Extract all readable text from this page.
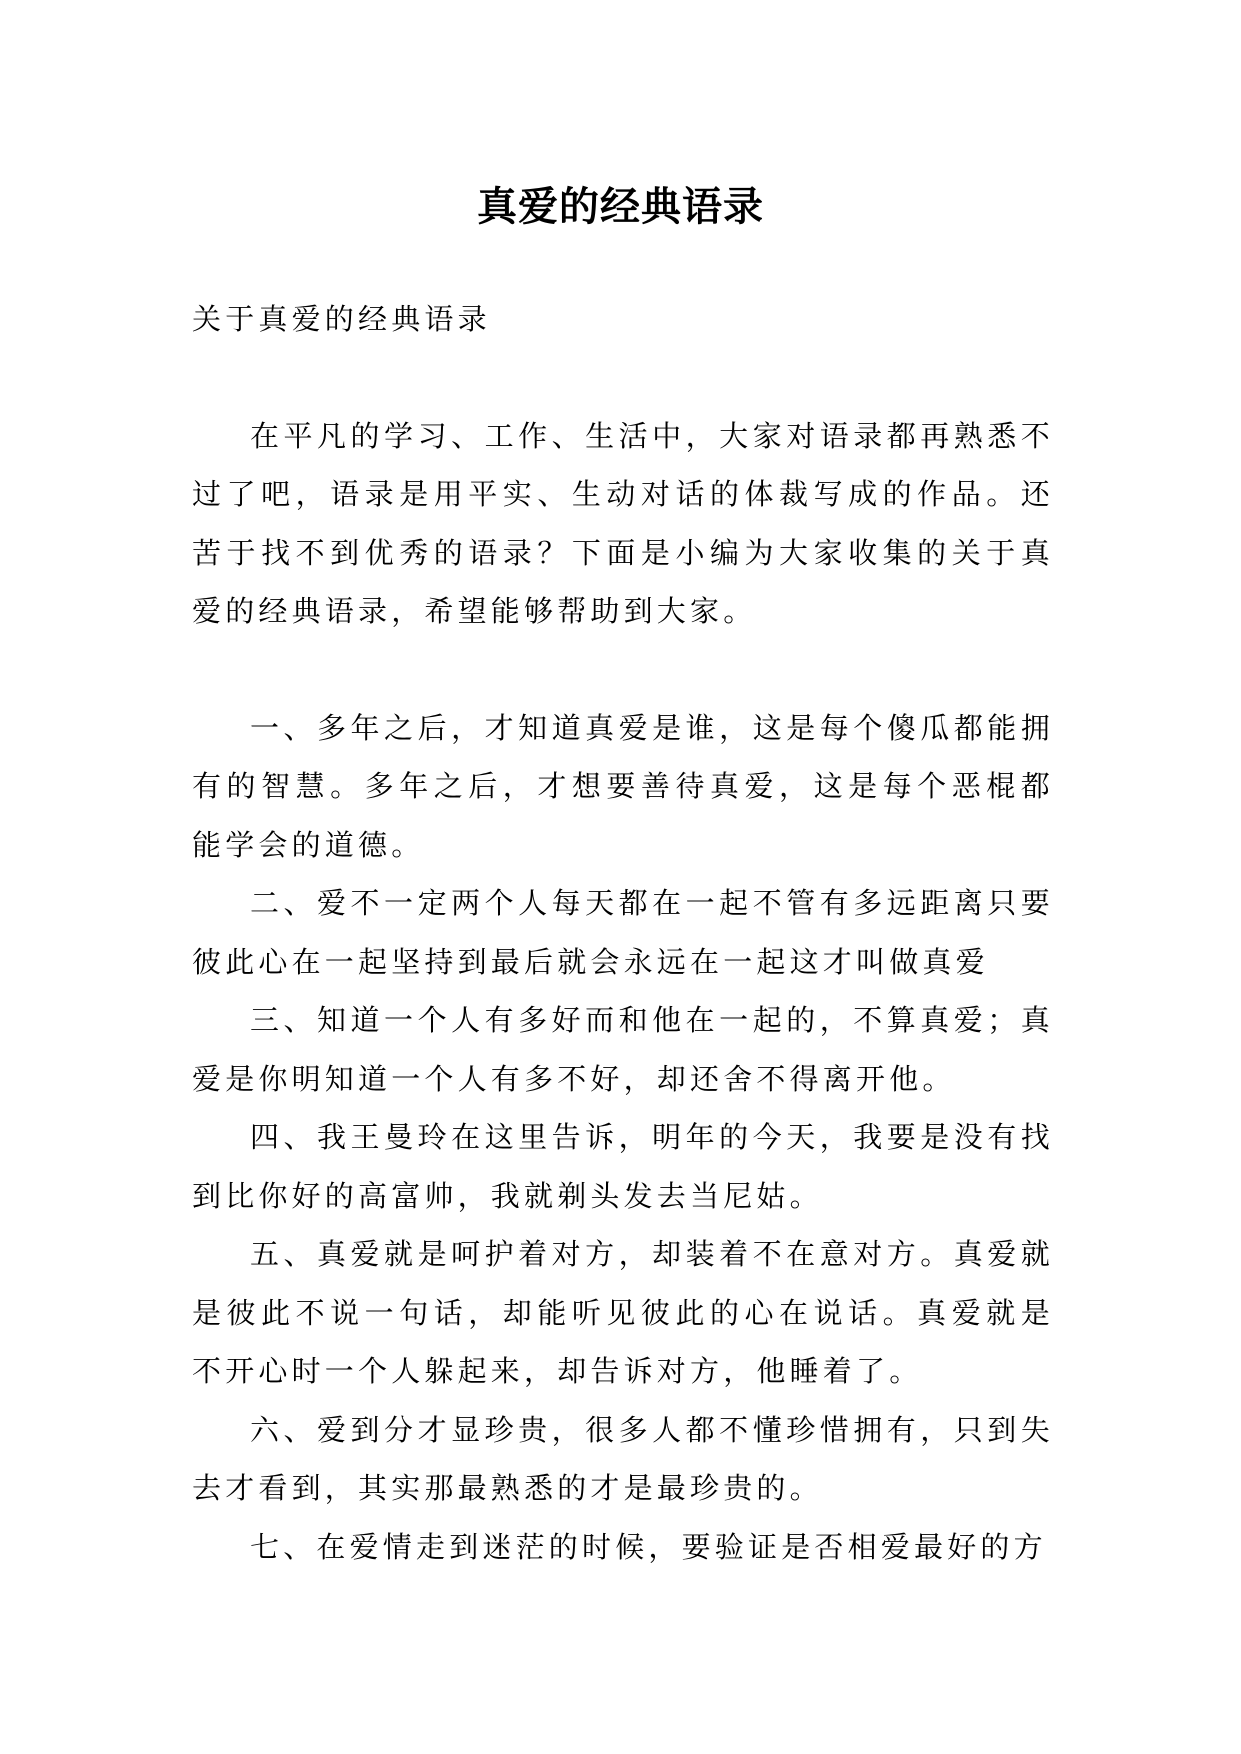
真爱的经典语录

关于真爱的经典语录

在平凡的学习、工作、生活中，大家对语录都再熟悉不过了吧，语录是用平实、生动对话的体裁写成的作品。还苦于找不到优秀的语录？下面是小编为大家收集的关于真爱的经典语录，希望能够帮助到大家。

一、多年之后，才知道真爱是谁，这是每个傻瓜都能拥有的智慧。多年之后，才想要善待真爱，这是每个恶棍都能学会的道德。

二、爱不一定两个人每天都在一起不管有多远距离只要彼此心在一起坚持到最后就会永远在一起这才叫做真爱

三、知道一个人有多好而和他在一起的，不算真爱；真爱是你明知道一个人有多不好，却还舍不得离开他。

四、我王曼玲在这里告诉，明年的今天，我要是没有找到比你好的高富帅，我就剃头发去当尼姑。

五、真爱就是呵护着对方，却装着不在意对方。真爱就是彼此不说一句话，却能听见彼此的心在说话。真爱就是不开心时一个人躲起来，却告诉对方，他睡着了。

六、爱到分才显珍贵，很多人都不懂珍惜拥有，只到失去才看到，其实那最熟悉的才是最珍贵的。

七、在爱情走到迷茫的时候，要验证是否相爱最好的方
